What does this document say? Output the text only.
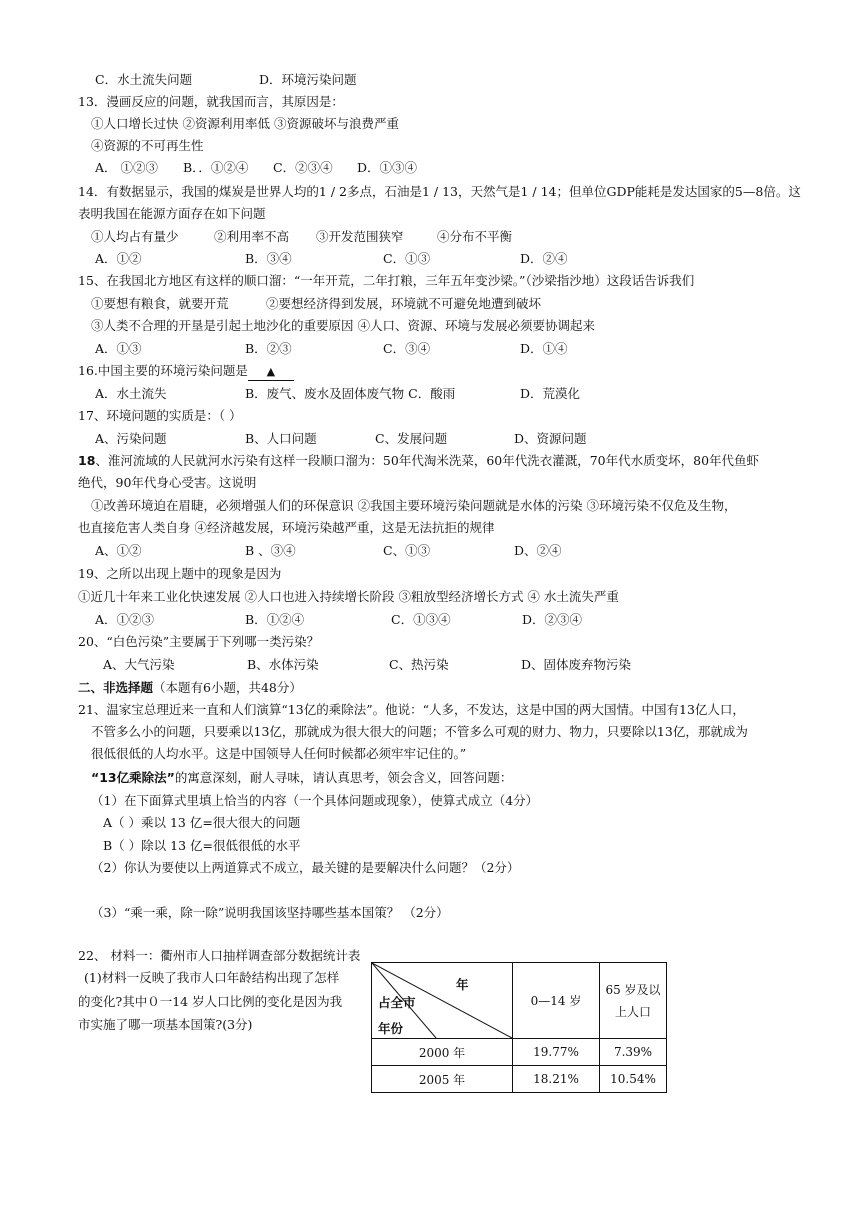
C．水土流失问题	D．环境污染问题
13．漫画反应的问题，就我国而言，其原因是：
①人口增长过快 ②资源利用率低 ③资源破坏与浪费严重
④资源的不可再生性
A． ①②③ B．．①②④ C．②③④ D．①③④
14．有数据显示，我国的煤炭是世界人均的1 / 2多点，石油是1 / 13，天然气是1 / 14；但单位GDP能耗是发达国家的5—8倍。这
表明我国在能源方面存在如下问题
①人均占有量少	②利用率不高 ③开发范围狭窄	④分布不平衡
A．①②	B．③④	C．①③	D．②④
15、在我国北方地区有这样的顺口溜：“一年开荒，二年打粮，三年五年变沙梁。”（沙梁指沙地）这段话告诉我们
①要想有粮食，就要开荒	②要想经济得到发展，环境就不可避免地遭到破坏
③人类不合理的开垦是引起土地沙化的重要原因 ④人口、资源、环境与发展必须要协调起来
A．①③	B．②③	C．③④	D．①④
16.中国主要的环境污染问题是 ▲
A．水土流失	B．废气、废水及固体废气物 C．酸雨	D．荒漠化
17、环境问题的实质是：（ ）
A、污染问题	B、人口问题	C、发展问题	D、资源问题
18、淮河流域的人民就河水污染有这样一段顺口溜为：50年代淘米洗菜，60年代洗衣灌溉，70年代水质变坏，80年代鱼虾
绝代，90年代身心受害。这说明
①改善环境迫在眉睫，必须增强人们的环保意识 ②我国主要环境污染问题就是水体的污染 ③环境污染不仅危及生物，
也直接危害人类自身 ④经济越发展，环境污染越严重，这是无法抗拒的规律
A、①②	B 、③④	C、①③	D、②④
19、之所以出现上题中的现象是因为
①近几十年来工业化快速发展 ②人口也进入持续增长阶段 ③粗放型经济增长方式 ④ 水土流失严重
A．①②③	B．①②④	C．①③④	D．②③④
20、“白色污染”主要属于下列哪一类污染？
A、大气污染	B、水体污染	C、热污染	D、固体废弃物污染
二、非选择题（本题有6小题，共48分）
21、温家宝总理近来一直和人们演算“13亿的乘除法”。他说：“人多，不发达，这是中国的两大国情。中国有13亿人口，
不管多么小的问题，只要乘以13亿，那就成为很大很大的问题；不管多么可观的财力、物力，只要除以13亿，那就成为
很低很低的人均水平。这是中国领导人任何时候都必须牢牢记住的。”
“13亿乘除法”的寓意深刻，耐人寻味，请认真思考，领会含义，回答问题：
（1）在下面算式里填上恰当的内容（一个具体问题或现象），使算式成立（4分）
A（ ）乘以 13 亿=很大很大的问题
B（ ）除以 13 亿=很低很低的水平
（2）你认为要使以上两道算式不成立，最关键的是要解决什么问题？（2分）
（3）“乘一乘，除一除”说明我国该坚持哪些基本国策？ （2分）
22、 材料一：衢州市人口抽样调查部分数据统计表
(1)材料一反映了我市人口年龄结构出现了怎样
的变化?其中０一14 岁人口比例的变化是因为我
市实施了哪一项基本国策?(3分)
年
占全市
年份	0—14 岁	65 岁及以
上人口
2000 年	19.77%	7.39%
2005 年	18.21%	10.54%
